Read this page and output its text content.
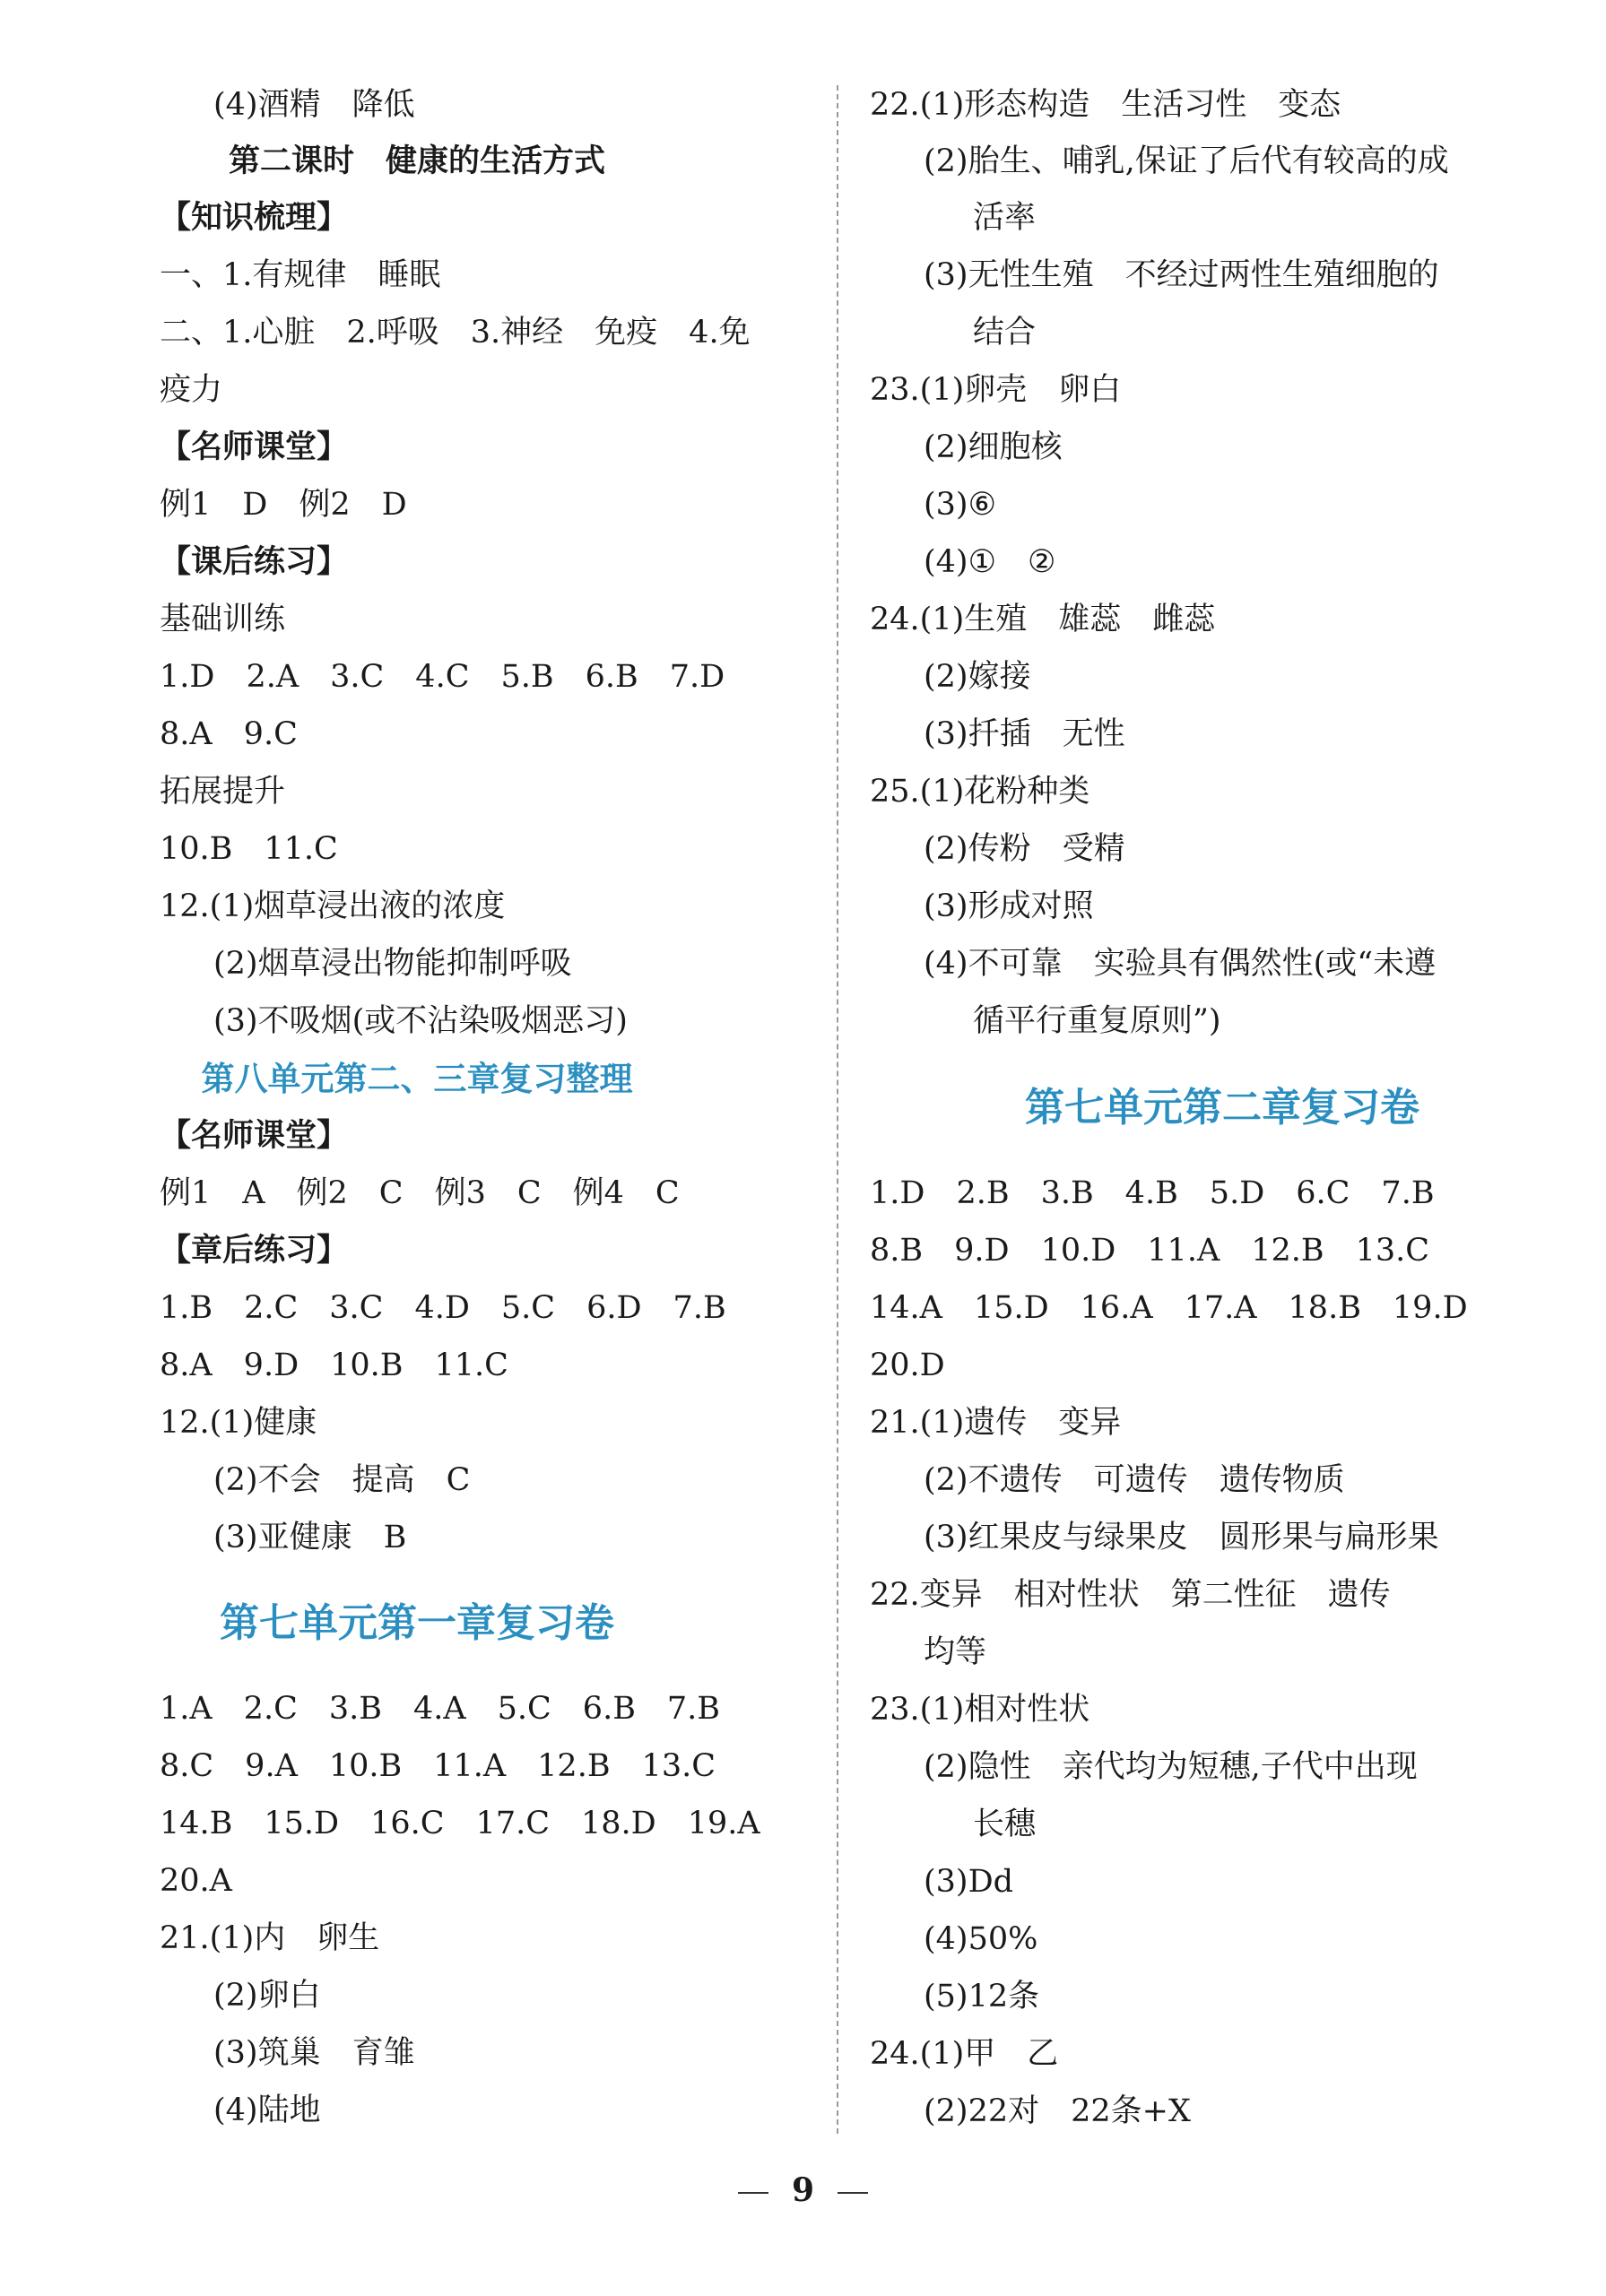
(4)酒精　降低
第二课时　健康的生活方式
【知识梳理】
一、1.有规律　睡眠
二、1.心脏　2.呼吸　3.神经　免疫　4.免
疫力
【名师课堂】
例1　D　例2　D
【课后练习】
基础训练
1.D　2.A　3.C　4.C　5.B　6.B　7.D
8.A　9.C
拓展提升
10.B　11.C
12.(1)烟草浸出液的浓度
(2)烟草浸出物能抑制呼吸
(3)不吸烟(或不沾染吸烟恶习)
第八单元第二、三章复习整理
【名师课堂】
例1　A　例2　C　例3　C　例4　C
【章后练习】
1.B　2.C　3.C　4.D　5.C　6.D　7.B
8.A　9.D　10.B　11.C
12.(1)健康
(2)不会　提高　C
(3)亚健康　B
第七单元第一章复习卷
1.A　2.C　3.B　4.A　5.C　6.B　7.B
8.C　9.A　10.B　11.A　12.B　13.C
14.B　15.D　16.C　17.C　18.D　19.A
20.A
21.(1)内　卵生
(2)卵白
(3)筑巢　育雏
(4)陆地
22.(1)形态构造　生活习性　变态
(2)胎生、哺乳,保证了后代有较高的成
活率
(3)无性生殖　不经过两性生殖细胞的
结合
23.(1)卵壳　卵白
(2)细胞核
(3)⑥
(4)①　②
24.(1)生殖　雄蕊　雌蕊
(2)嫁接
(3)扦插　无性
25.(1)花粉种类
(2)传粉　受精
(3)形成对照
(4)不可靠　实验具有偶然性(或“未遵
循平行重复原则”)
第七单元第二章复习卷
1.D　2.B　3.B　4.B　5.D　6.C　7.B
8.B　9.D　10.D　11.A　12.B　13.C
14.A　15.D　16.A　17.A　18.B　19.D
20.D
21.(1)遗传　变异
(2)不遗传　可遗传　遗传物质
(3)红果皮与绿果皮　圆形果与扁形果
22.变异　相对性状　第二性征　遗传
均等
23.(1)相对性状
(2)隐性　亲代均为短穗,子代中出现
长穗
(3)Dd
(4)50%
(5)12条
24.(1)甲　乙
(2)22对　22条+X
9
